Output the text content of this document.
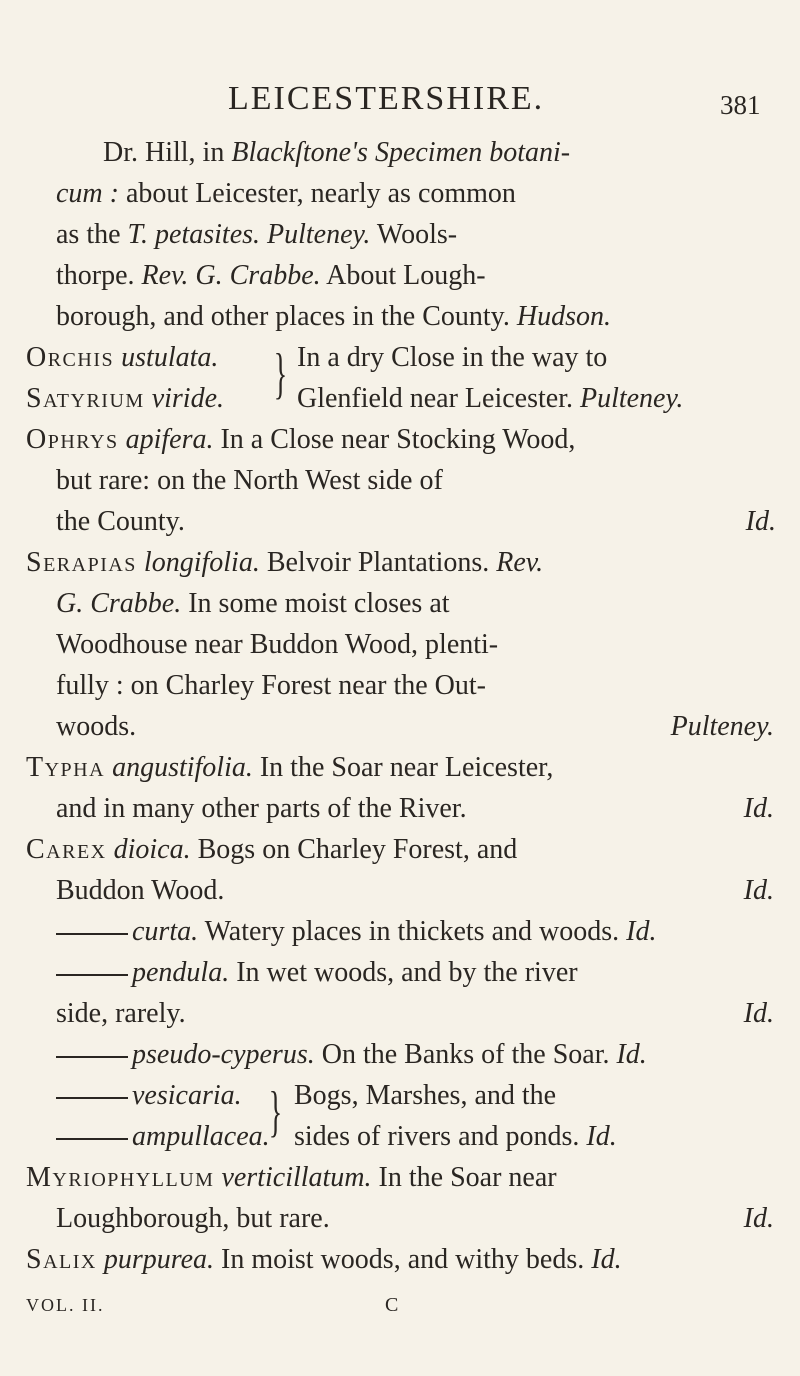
LEICESTERSHIRE.	381
Dr. Hill, in Blackſtone's Specimen botani-
cum : about Leicester, nearly as common
as the T. petasites. Pulteney. Wools-
thorpe. Rev. G. Crabbe. About Lough-
borough, and other places in the County. Hudson.
Orchis ustulata. } In a dry Close in the way to
Satyrium viride.	Glenfield near Leicester. Pulteney.
Ophrys apifera. In a Close near Stocking Wood,
but rare: on the North West side of
the County.	Id.
Serapias longifolia. Belvoir Plantations. Rev.
G. Crabbe. In some moist closes at
Woodhouse near Buddon Wood, plenti-
fully : on Charley Forest near the Out-
woods.	Pulteney.
Typha angustifolia. In the Soar near Leicester,
and in many other parts of the River.	Id.
Carex dioica. Bogs on Charley Forest, and
Buddon Wood.	Id.
curta. Watery places in thickets and woods. Id.
pendula. In wet woods, and by the river
side, rarely.	Id.
pseudo-cyperus. On the Banks of the Soar. Id.
vesicaria. } Bogs, Marshes, and the
ampullacea. sides of rivers and ponds. Id.
Myriophyllum verticillatum. In the Soar near
Loughborough, but rare.	Id.
Salix purpurea. In moist woods, and withy beds. Id.
VOL. II.	C
